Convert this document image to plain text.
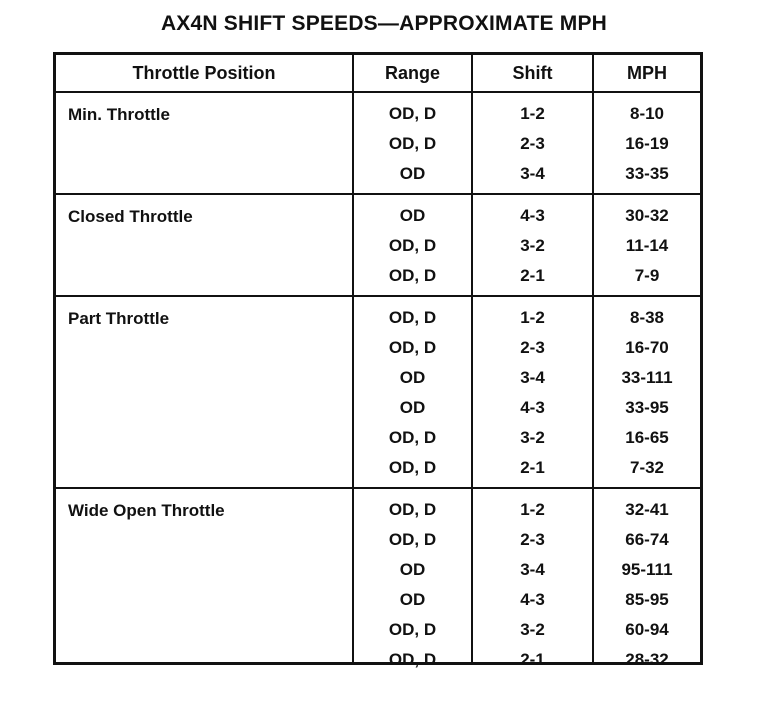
AX4N SHIFT SPEEDS—APPROXIMATE MPH
Throttle Position	Range	Shift	MPH
Min. Throttle	OD, D	1-2	8-10
OD, D	2-3	16-19
OD	3-4	33-35
Closed Throttle	OD	4-3	30-32
OD, D	3-2	11-14
OD, D	2-1	7-9
Part Throttle	OD, D	1-2	8-38
OD, D	2-3	16-70
OD	3-4	33-111
OD	4-3	33-95
OD, D	3-2	16-65
OD, D	2-1	7-32
Wide Open Throttle	OD, D	1-2	32-41
OD, D	2-3	66-74
OD	3-4	95-111
OD	4-3	85-95
OD, D	3-2	60-94
OD, D	2-1	28-32
